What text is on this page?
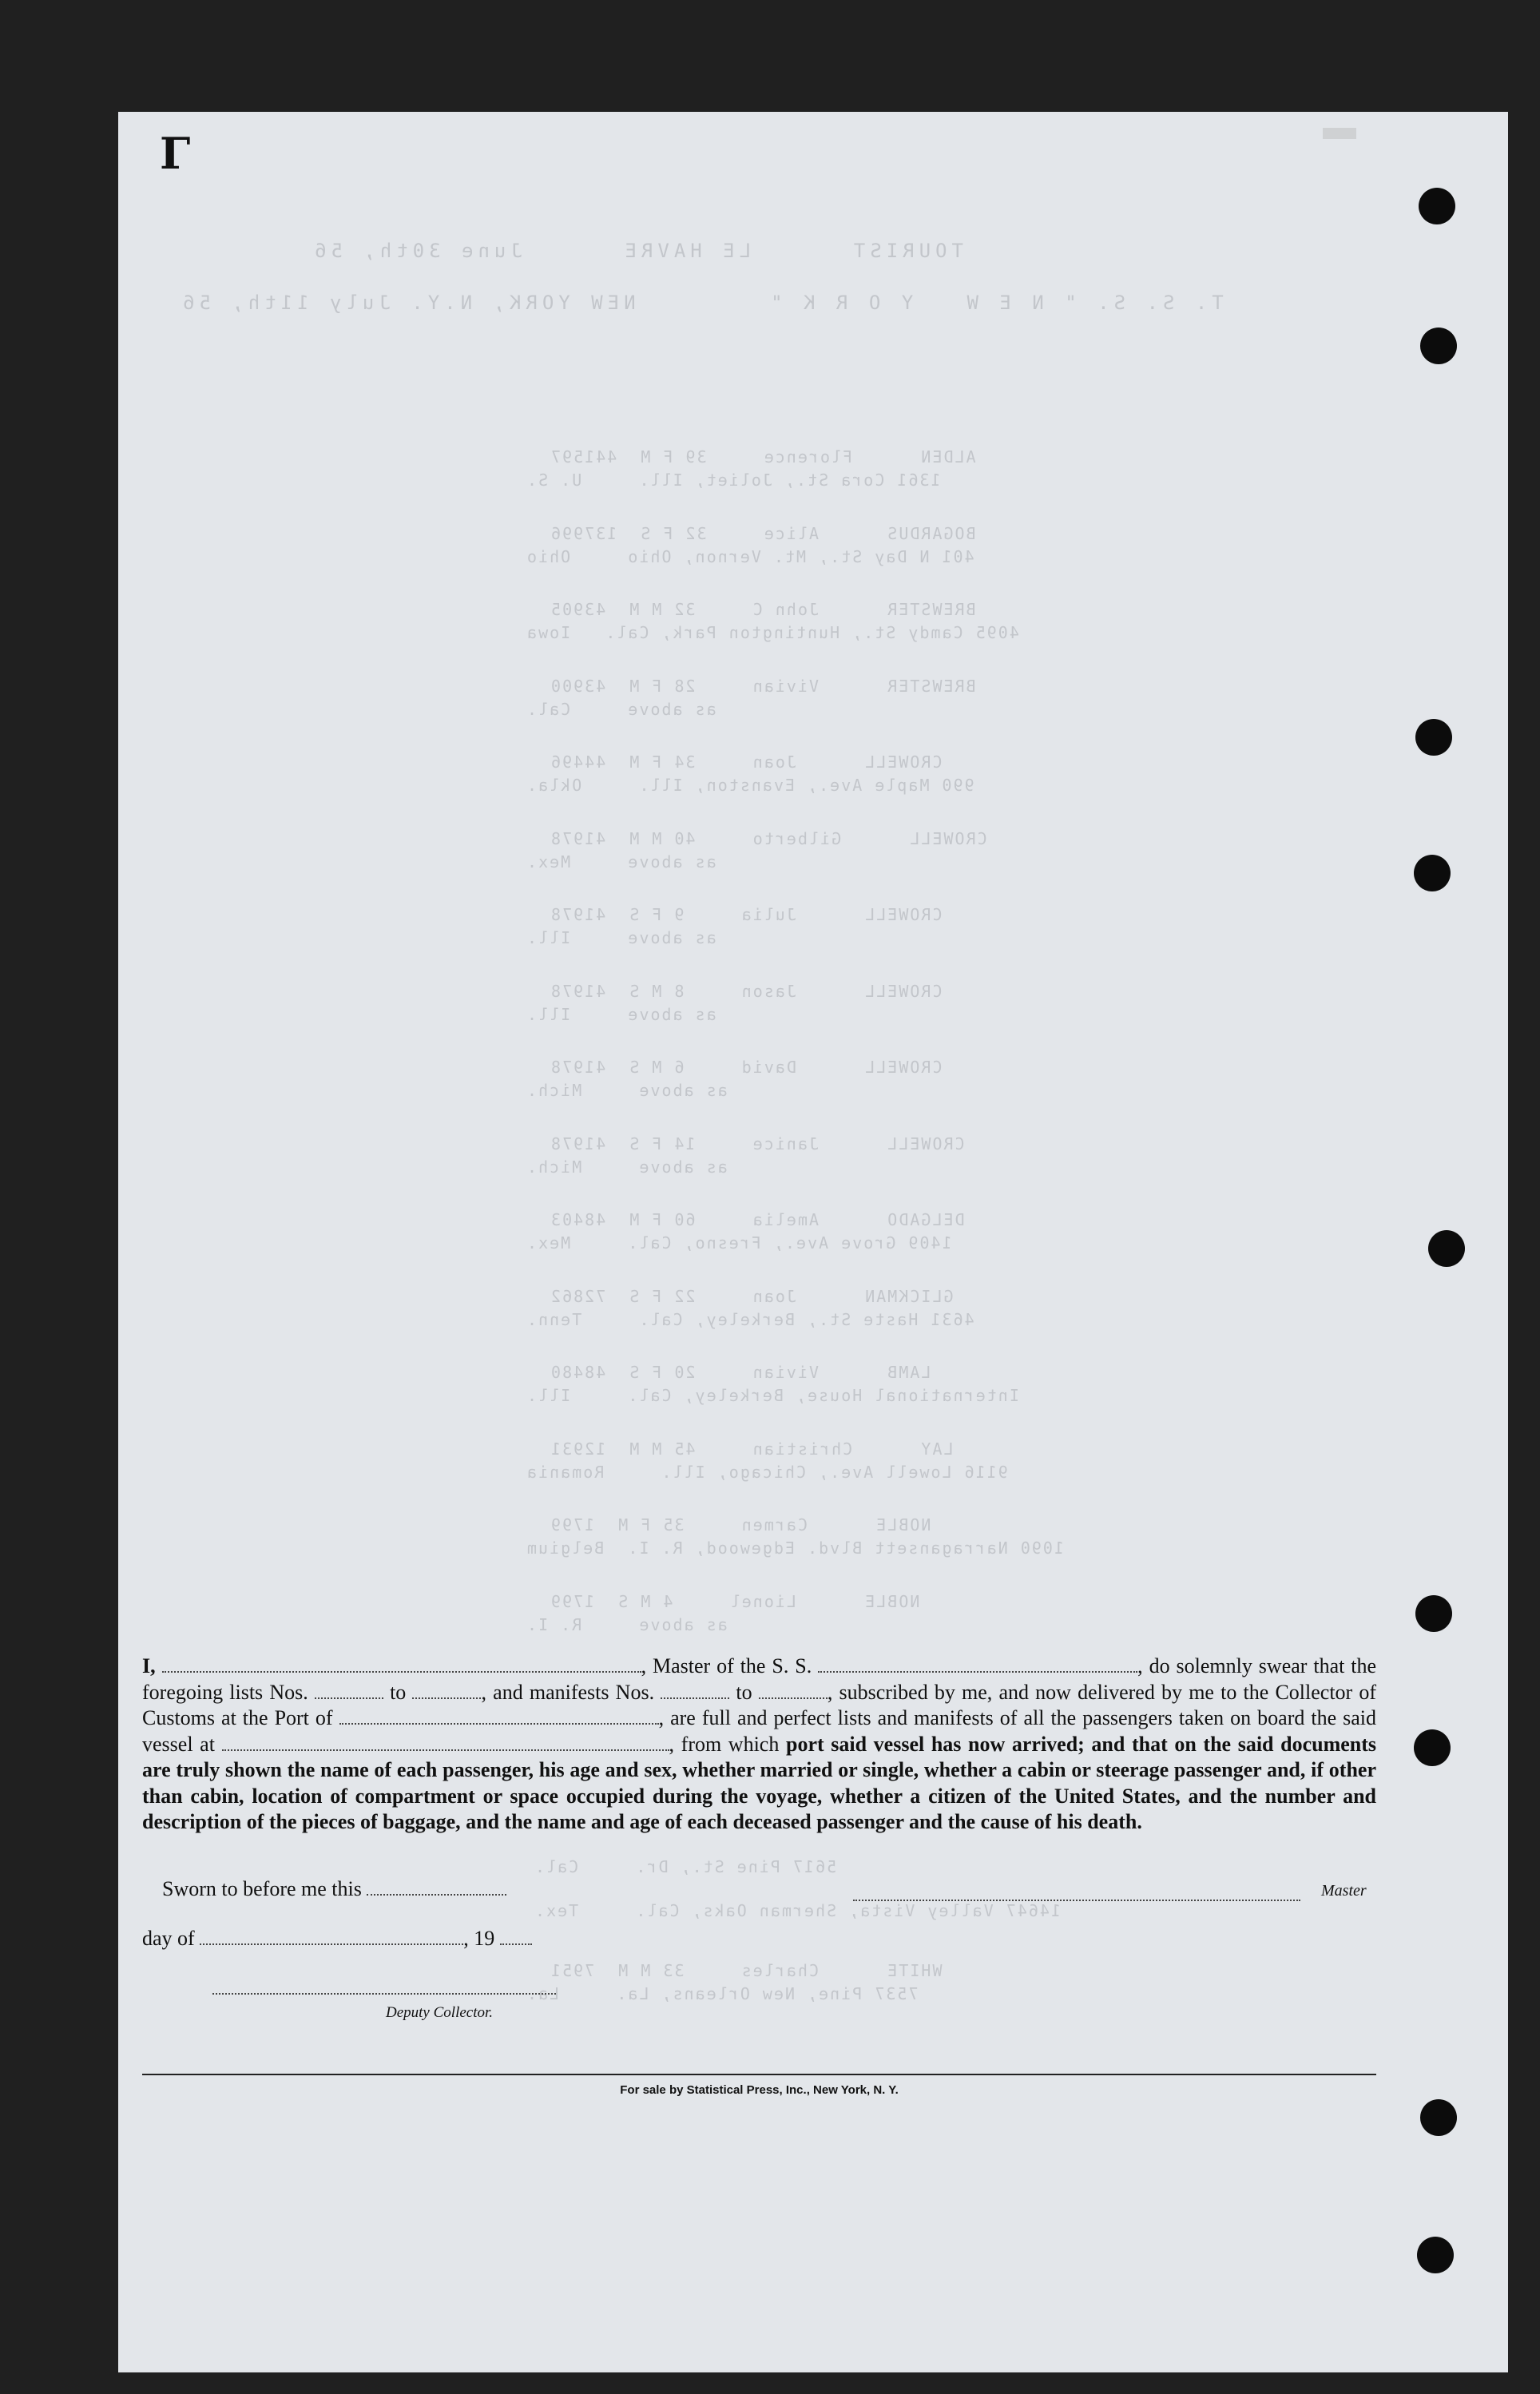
Γ
TOURIST      LE HAVRE      June 30th, 56
T. S. S. " N E W   Y O R K "        NEW YORK, N.Y. July 11th, 56
ALDEN      Florence     39 F M  441597
1361 Cora St., Joliet, Ill.     U. S.
BOGARDUS      Alice     32 F S  137996
401 N Day St., Mt. Vernon, Ohio     Ohio
BREWSTER      John C     32 M M  43905
4095 Camdy St., Huntington Park, Cal.   Iowa
BREWSTER      Vivian     28 F M  43900
as above     Cal.
CROWELL      Joan     34 F M  44496
990 Maple Ave., Evanston, Ill.     Okla.
CROWELL      Gilberto     40 M M  41978
as above     Mex.
CROWELL      Julia     9 F S  41978
as above     Ill.
CROWELL      Jason     8 M S  41978
as above     Ill.
CROWELL      David     6 M S  41978
as above     Mich.
CROWELL      Janice     14 F S  41978
as above     Mich.
DELGADO      Amelia     60 F M  48403
1409 Grove Ave., Fresno, Cal.     Mex.
GLICKMAN      Joan     22 F S  72862
4631 Haste St., Berkeley, Cal.     Tenn.
LAMB      Vivian     20 F S  48480
International House, Berkeley, Cal.     Ill.
LAY      Christian     45 M M  12931
9116 Lowell Ave., Chicago, Ill.     Romania
NOBLE      Carmen     35 F M  1799
1090 Narragansett Blvd. Edgewood, R. I.  Belgium
NOBLE      Lionel     4 M S  1799
as above     R. I.
WHITE      Charles     33 M M  7951
7537 Pine, New Orleans, La.     La.
14647 Valley Vista, Sherman Oaks, Cal.     Tex.
5617 Pine St., Dr.     Cal.
I,	, Master of the S. S.	, do solemnly swear that the foregoing lists Nos.	to	, and manifests Nos.	to	, subscribed by me, and now delivered by me to the Collector of Customs at the Port of	, are full and perfect lists and manifests of all the passengers taken on board the said vessel at	, from which port said vessel has now arrived; and that on the said documents are truly shown the name of each passenger, his age and sex, whether married or single, whether a cabin or steerage passenger and, if other than cabin, location of compartment or space occupied during the voyage, whether a citizen of the United States, and the number and description of the pieces of baggage, and the name and age of each deceased passenger and the cause of his death.
Sworn to before me this	Master
day of	, 19
Deputy Collector.
For sale by Statistical Press, Inc., New York, N. Y.
